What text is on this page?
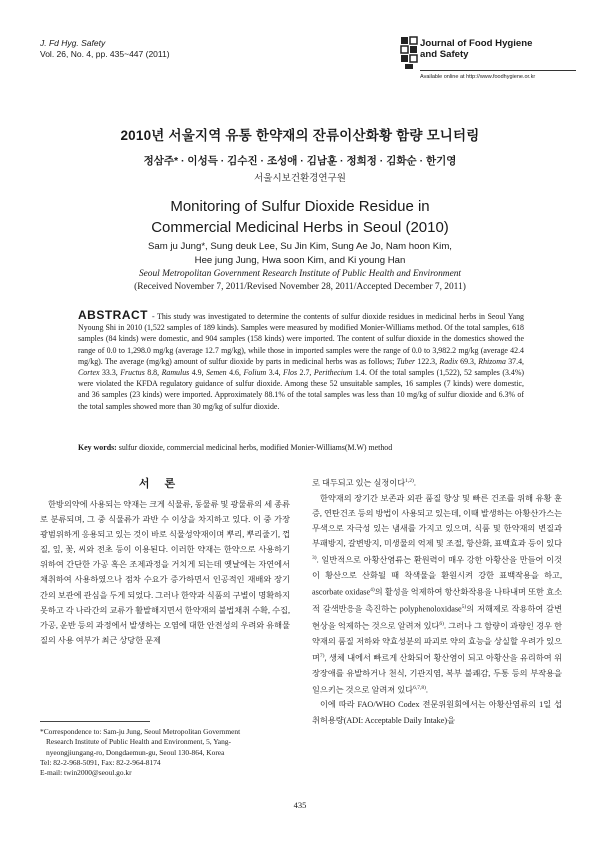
J. Fd Hyg. Safety
Vol. 26, No. 4, pp. 435~447 (2011)
Journal of Food Hygiene
and Safety
Available online at http://www.foodhygiene.or.kr
2010년 서울지역 유통 한약재의 잔류이산화황 함량 모니터링
정삼주* · 이성득 · 김수진 · 조성애 · 김남훈 · 정희정 · 김화순 · 한기영
서울시보건환경연구원
Monitoring of Sulfur Dioxide Residue in
Commercial Medicinal Herbs in Seoul (2010)
Sam ju Jung*, Sung deuk Lee, Su Jin Kim, Sung Ae Jo, Nam hoon Kim,
Hee jung Jung, Hwa soon Kim, and Ki young Han
Seoul Metropolitan Government Research Institute of Public Health and Environment
(Received November 7, 2011/Revised November 28, 2011/Accepted December 7, 2011)
ABSTRACT - This study was investigated to determine the contents of sulfur dioxide residues in medicinal herbs in Seoul Yang Nyoung Shi in 2010 (1,522 samples of 189 kinds). Samples were measured by modified Monier-Williams method. Of the total samples, 618 samples (84 kinds) were domestic, and 904 samples (158 kinds) were imported. The content of sulfur dioxide in the domestics showed the range of 0.0 to 1,298.0 mg/kg (average 12.7 mg/kg), while those in imported samples were the range of 0.0 to 3,982.2 mg/kg (average 42.4 mg/kg). The average (mg/kg) amount of sulfur dioxide by parts in medicinal herbs was as follows; Tuber 122.3, Radix 69.3, Rhizoma 37.4, Cortex 33.3, Fructus 8.8, Ramulus 4.9, Semen 4.6, Folium 3.4, Flos 2.7, Perithecium 1.4. Of the total samples (1,522), 52 samples (3.4%) were violated the KFDA regulatory guidance of sulfur dioxide. Among these 52 unsuitable samples, 16 samples (7 kinds) were domestic, and 36 samples (23 kinds) were imported. Approximately 88.1% of the total samples was less than 10 mg/kg of sulfur dioxide and 6.3% of the total samples showed more than 30 mg/kg of sulfur dioxide.
Key words: sulfur dioxide, commercial medicinal herbs, modified Monier-Williams(M.W) method
서 론
한방의약에 사용되는 약재는 크게 식물류, 동물류 및 광물류의 세 종류로 분류되며, 그 중 식물류가 과반 수 이상을 차지하고 있다. 이 중 가장 광범위하게 응용되고 있는 것이 바로 식물성약재이며 뿌리, 뿌리줄기, 껍질, 잎, 꽃, 씨와 전초 등이 이용된다. 이러한 약재는 한약으로 사용하기 위하여 간단한 가공 혹은 조제과정을 거치게 되는데 옛날에는 자연에서 채취하여 사용하였으나 점차 수요가 증가하면서 인공적인 재배와 장기간의 보관에 관심을 두게 되었다. 그러나 한약과 식품의 구별이 명확하지 못하고 각 나라간의 교류가 활발해지면서 한약재의 불법채취 수확, 수집, 가공, 운반 등의 과정에서 발생하는 오염에 대한 안전성의 우려와 유해물질의 사용 여부가 최근 상당한 문제
로 대두되고 있는 실정이다$^{1,2)}$.
한약재의 장기간 보존과 외관 품질 향상 및 빠른 건조를 위해 유황 훈증, 연탄건조 등의 방법이 사용되고 있는데, 이때 발생하는 아황산가스는 무색으로 자극성 있는 냄새를 가지고 있으며, 식품 및 한약재의 변질과 부패방지, 갈변방지, 미생물의 억제 및 조절, 항산화, 표백효과 등이 있다$^{3)}$. 일반적으로 아황산염류는 환원력이 매우 강한 아황산을 만들어 이것이 황산으로 산화될 때 착색물을 환원시켜 강한 표백작용을 하고, ascorbate oxidase$^{4)}$의 활성을 억제하여 항산화작용을 나타내며 또한 효소적 갈색반응을 촉진하는 polyphenoloxidase$^{5)}$의 저해제로 작용하여 갈변현상을 억제하는 것으로 알려져 있다$^{6)}$. 그러나 그 함량이 과량인 경우 한약재의 품질 저하와 약효성분의 파괴로 약의 효능을 상실할 우려가 있으며$^{7)}$, 생체 내에서 빠르게 산화되어 황산염이 되고 아황산을 유리하여 위장장애를 유발하거나 천식, 기관지염, 복부 불쾌감, 두통 등의 부작용을 일으키는 것으로 알려져 있다$^{6,7,8)}$.
이에 따라 FAO/WHO Codex 전문위원회에서는 아황산염류의 1일 섭취허용량(ADI: Acceptable Daily Intake)을
*Correspondence to: Sam-ju Jung, Seoul Metropolitan Government
Research Institute of Public Health and Environment, 5, Yang-
nyeongjiungang-ro, Dongdaemun-gu, Seoul 130-864, Korea
Tel: 82-2-968-5091, Fax: 82-2-964-8174
E-mail: twin2000@seoul.go.kr
435
